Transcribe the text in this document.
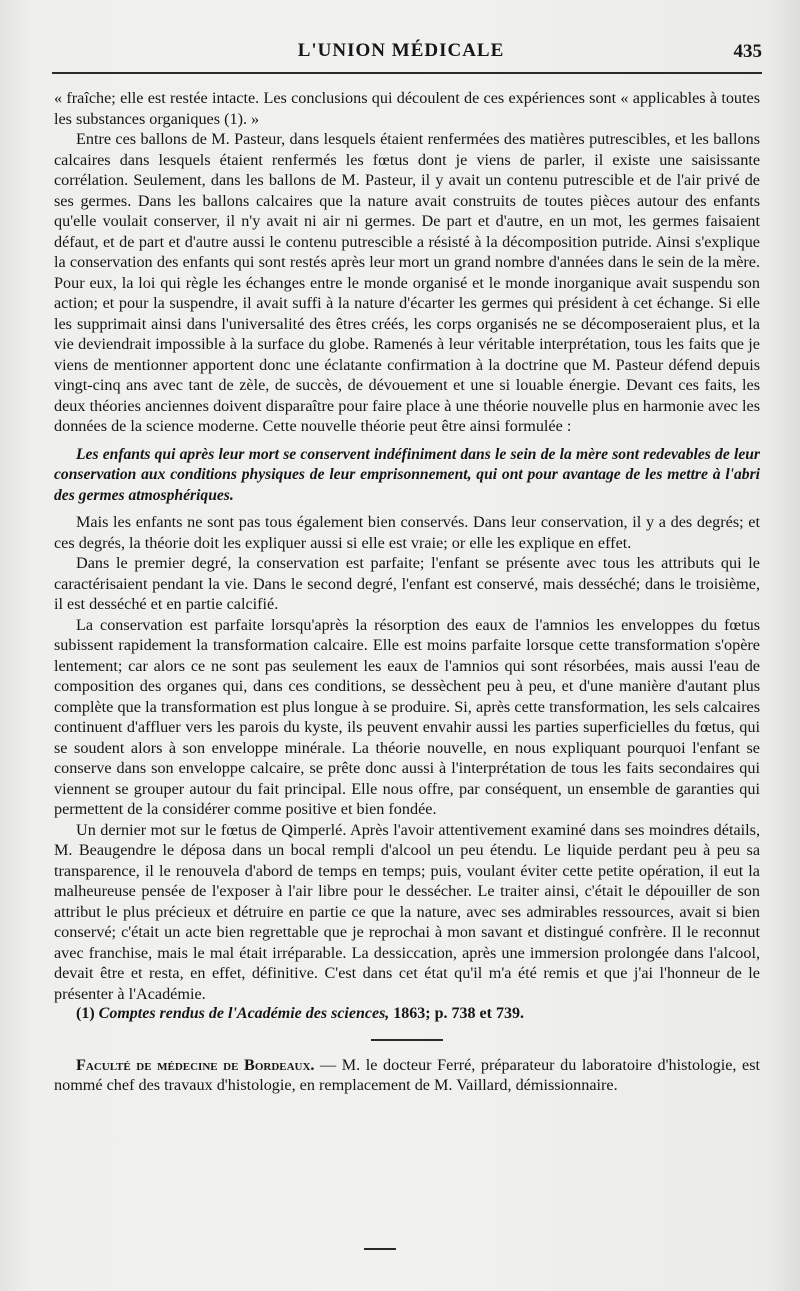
L'UNION MÉDICALE	435

« fraîche; elle est restée intacte. Les conclusions qui découlent de ces expériences sont « applicables à toutes les substances organiques (1). »

Entre ces ballons de M. Pasteur, dans lesquels étaient renfermées des matières putrescibles, et les ballons calcaires dans lesquels étaient renfermés les fœtus dont je viens de parler, il existe une saisissante corrélation. Seulement, dans les ballons de M. Pasteur, il y avait un contenu putrescible et de l'air privé de ses germes. Dans les ballons calcaires que la nature avait construits de toutes pièces autour des enfants qu'elle voulait conserver, il n'y avait ni air ni germes. De part et d'autre, en un mot, les germes faisaient défaut, et de part et d'autre aussi le contenu putrescible a résisté à la décomposition putride. Ainsi s'explique la conservation des enfants qui sont restés après leur mort un grand nombre d'années dans le sein de la mère. Pour eux, la loi qui règle les échanges entre le monde organisé et le monde inorganique avait suspendu son action; et pour la suspendre, il avait suffi à la nature d'écarter les germes qui président à cet échange. Si elle les supprimait ainsi dans l'universalité des êtres créés, les corps organisés ne se décomposeraient plus, et la vie deviendrait impossible à la surface du globe. Ramenés à leur véritable interprétation, tous les faits que je viens de mentionner apportent donc une éclatante confirmation à la doctrine que M. Pasteur défend depuis vingt-cinq ans avec tant de zèle, de succès, de dévouement et une si louable énergie. Devant ces faits, les deux théories anciennes doivent disparaître pour faire place à une théorie nouvelle plus en harmonie avec les données de la science moderne. Cette nouvelle théorie peut être ainsi formulée :

Les enfants qui après leur mort se conservent indéfiniment dans le sein de la mère sont redevables de leur conservation aux conditions physiques de leur emprisonnement, qui ont pour avantage de les mettre à l'abri des germes atmosphériques.

Mais les enfants ne sont pas tous également bien conservés. Dans leur conservation, il y a des degrés; et ces degrés, la théorie doit les expliquer aussi si elle est vraie; or elle les explique en effet.

Dans le premier degré, la conservation est parfaite; l'enfant se présente avec tous les attributs qui le caractérisaient pendant la vie. Dans le second degré, l'enfant est conservé, mais desséché; dans le troisième, il est desséché et en partie calcifié.

La conservation est parfaite lorsqu'après la résorption des eaux de l'amnios les enveloppes du fœtus subissent rapidement la transformation calcaire. Elle est moins parfaite lorsque cette transformation s'opère lentement; car alors ce ne sont pas seulement les eaux de l'amnios qui sont résorbées, mais aussi l'eau de composition des organes qui, dans ces conditions, se dessèchent peu à peu, et d'une manière d'autant plus complète que la transformation est plus longue à se produire. Si, après cette transformation, les sels calcaires continuent d'affluer vers les parois du kyste, ils peuvent envahir aussi les parties superficielles du fœtus, qui se soudent alors à son enveloppe minérale. La théorie nouvelle, en nous expliquant pourquoi l'enfant se conserve dans son enveloppe calcaire, se prête donc aussi à l'interprétation de tous les faits secondaires qui viennent se grouper autour du fait principal. Elle nous offre, par conséquent, un ensemble de garanties qui permettent de la considérer comme positive et bien fondée.

Un dernier mot sur le fœtus de Qimperlé. Après l'avoir attentivement examiné dans ses moindres détails, M. Beaugendre le déposa dans un bocal rempli d'alcool un peu étendu. Le liquide perdant peu à peu sa transparence, il le renouvela d'abord de temps en temps; puis, voulant éviter cette petite opération, il eut la malheureuse pensée de l'exposer à l'air libre pour le dessécher. Le traiter ainsi, c'était le dépouiller de son attribut le plus précieux et détruire en partie ce que la nature, avec ses admirables ressources, avait si bien conservé; c'était un acte bien regrettable que je reprochai à mon savant et distingué confrère. Il le reconnut avec franchise, mais le mal était irréparable. La dessiccation, après une immersion prolongée dans l'alcool, devait être et resta, en effet, définitive. C'est dans cet état qu'il m'a été remis et que j'ai l'honneur de le présenter à l'Académie.

(1) Comptes rendus de l'Académie des sciences, 1863; p. 738 et 739.

Faculté de médecine de Bordeaux. — M. le docteur Ferré, préparateur du laboratoire d'histologie, est nommé chef des travaux d'histologie, en remplacement de M. Vaillard, démissionnaire.
